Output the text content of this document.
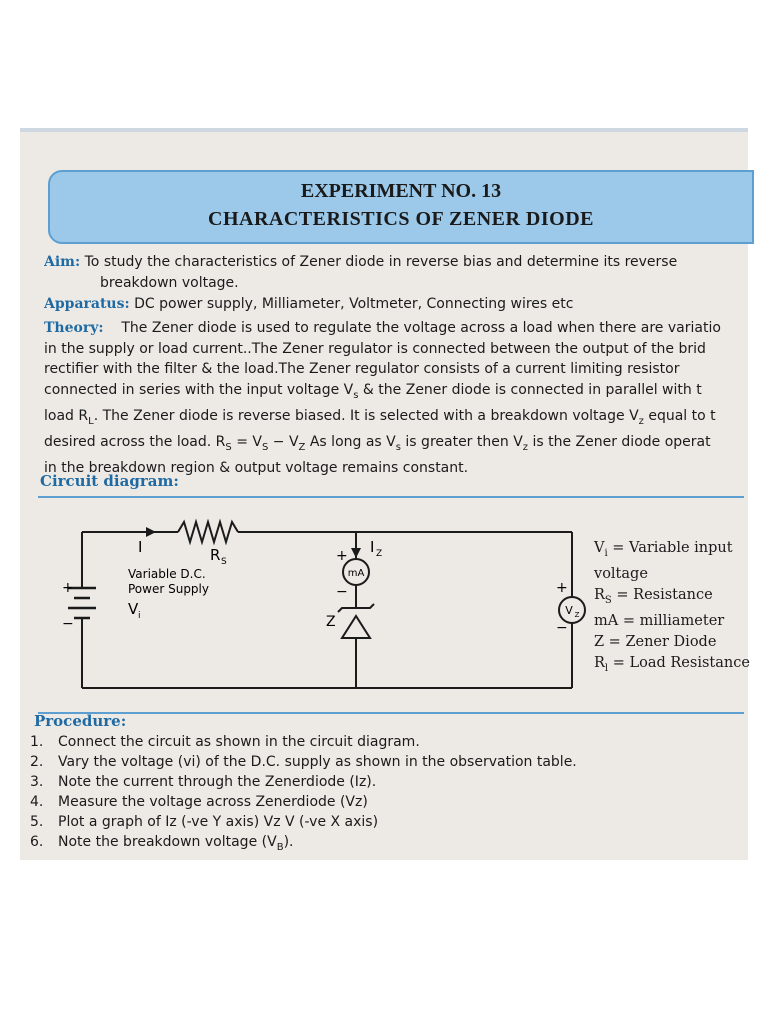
EXPERIMENT NO. 13
CHARACTERISTICS OF ZENER DIODE
Aim: To study the characteristics of Zener diode in reverse bias and determine its reverse
breakdown voltage.
Apparatus: DC power supply, Milliameter, Voltmeter, Connecting wires etc
Theory: The Zener diode is used to regulate the voltage across a load when there are variatio
in the supply or load current..The Zener regulator is connected between the output of the brid
rectifier with the filter & the load.The Zener regulator consists of a current limiting resistor
connected in series with the input voltage $V_s$ & the Zener diode is connected in parallel with t
load $R_L$. The Zener diode is reverse biased. It is selected with a breakdown voltage $V_z$ equal to t
desired across the load. $R_S = V_S - V_Z$ As long as $V_s$ is greater then $V_z$ is the Zener diode operat
in the breakdown region & output voltage remains constant.
Circuit diagram:
mA
V Z
I	R S
Variable D.C.
Power Supply
V i
+
−
+
−
I Z
Z
+
−
$V_i$ = Variable input
voltage
$R_S$ = Resistance
mA = milliameter
Z = Zener Diode
$R_l$ = Load Resistance
Procedure:
1. Connect the circuit as shown in the circuit diagram.
2. Vary the voltage (vi) of the D.C. supply as shown in the observation table.
3. Note the current through the Zenerdiode (Iz).
4. Measure the voltage across Zenerdiode (Vz)
5. Plot a graph of Iz (-ve Y axis) Vz V (-ve X axis)
6. Note the breakdown voltage $(V_B)$.
